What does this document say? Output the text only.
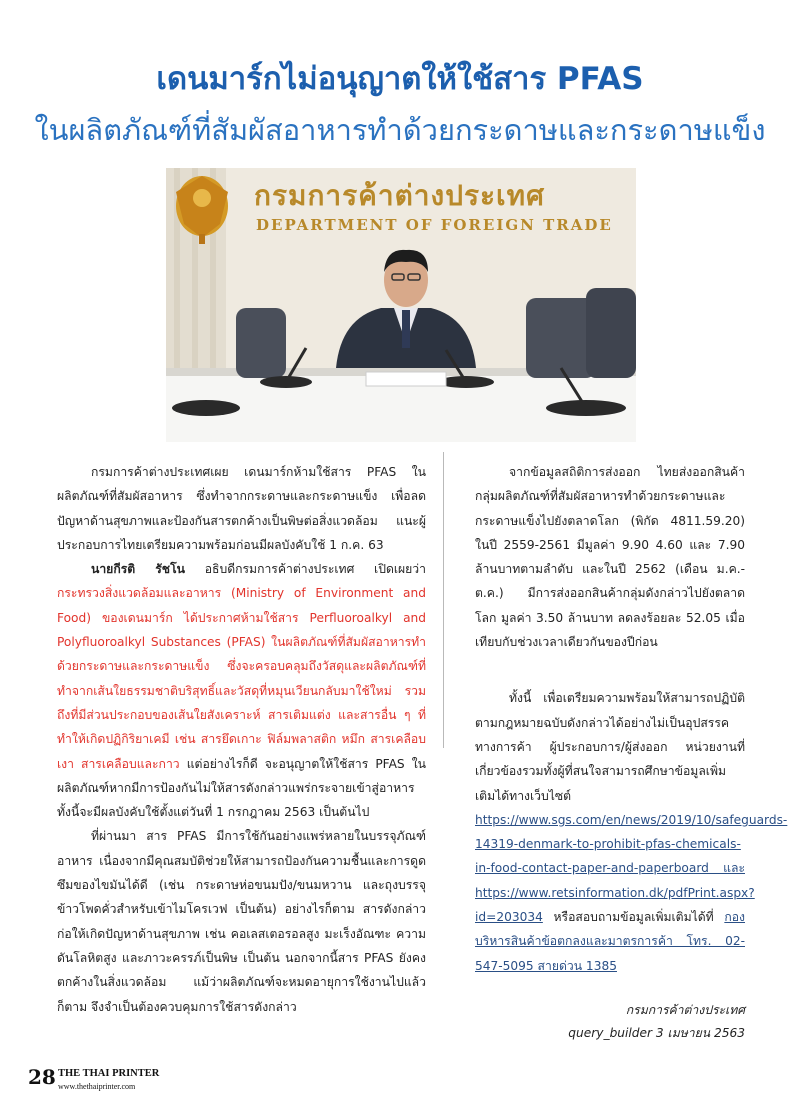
เดนมาร์กไม่อนุญาตให้ใช้สาร PFAS
ในผลิตภัณฑ์ที่สัมผัสอาหารทำด้วยกระดาษและกระดาษแข็ง
กรมการค้าต่างประเทศ
DEPARTMENT OF FOREIGN TRADE

กรมการค้าต่างประเทศเผย เดนมาร์กห้ามใช้สาร PFAS ในผลิตภัณฑ์ที่สัมผัสอาหาร ซึ่งทำจากกระดาษและกระดาษแข็ง เพื่อลดปัญหาด้านสุขภาพและป้องกันสารตกค้างเป็นพิษต่อสิ่งแวดล้อม แนะผู้ประกอบการไทยเตรียมความพร้อมก่อนมีผลบังคับใช้ 1 ก.ค. 63

นายกีรติ รัชโน อธิบดีกรมการค้าต่างประเทศ เปิดเผยว่า กระทรวงสิ่งแวดล้อมและอาหาร (Ministry of Environment and Food) ของเดนมาร์ก ได้ประกาศห้ามใช้สาร Perfluoroalkyl and Polyfluoroalkyl Substances (PFAS) ในผลิตภัณฑ์ที่สัมผัสอาหารทำด้วยกระดาษและกระดาษแข็ง ซึ่งจะครอบคลุมถึงวัสดุและผลิตภัณฑ์ที่ทำจากเส้นใยธรรมชาติบริสุทธิ์และวัสดุที่หมุนเวียนกลับมาใช้ใหม่ รวมถึงที่มีส่วนประกอบของเส้นใยสังเคราะห์ สารเติมแต่ง และสารอื่น ๆ ที่ทำให้เกิดปฏิกิริยาเคมี เช่น สารยึดเกาะ ฟิล์มพลาสติก หมึก สารเคลือบเงา สารเคลือบและกาว แต่อย่างไรก็ดี จะอนุญาตให้ใช้สาร PFAS ในผลิตภัณฑ์หากมีการป้องกันไม่ให้สารดังกล่าวแพร่กระจายเข้าสู่อาหาร ทั้งนี้จะมีผลบังคับใช้ตั้งแต่วันที่ 1 กรกฎาคม 2563 เป็นต้นไป

ที่ผ่านมา สาร PFAS มีการใช้กันอย่างแพร่หลายในบรรจุภัณฑ์อาหาร เนื่องจากมีคุณสมบัติช่วยให้สามารถป้องกันความชื้นและการดูดซึมของไขมันได้ดี (เช่น กระดาษห่อขนมปัง/ขนมหวาน และถุงบรรจุข้าวโพดคั่วสำหรับเข้าไมโครเวฟ เป็นต้น) อย่างไรก็ตาม สารดังกล่าวก่อให้เกิดปัญหาด้านสุขภาพ เช่น คอเลสเตอรอลสูง มะเร็งอัณฑะ ความดันโลหิตสูง และภาวะครรภ์เป็นพิษ เป็นต้น นอกจากนี้สาร PFAS ยังคงตกค้างในสิ่งแวดล้อม แม้ว่าผลิตภัณฑ์จะหมดอายุการใช้งานไปแล้วก็ตาม จึงจำเป็นต้องควบคุมการใช้สารดังกล่าว

จากข้อมูลสถิติการส่งออก ไทยส่งออกสินค้ากลุ่มผลิตภัณฑ์ที่สัมผัสอาหารทำด้วยกระดาษและกระดาษแข็งไปยังตลาดโลก (พิกัด 4811.59.20) ในปี 2559-2561 มีมูลค่า 9.90 4.60 และ 7.90 ล้านบาทตามลำดับ และในปี 2562 (เดือน ม.ค.-ต.ค.) มีการส่งออกสินค้ากลุ่มดังกล่าวไปยังตลาดโลก มูลค่า 3.50 ล้านบาท ลดลงร้อยละ 52.05 เมื่อเทียบกับช่วงเวลาเดียวกันของปีก่อน

ทั้งนี้ เพื่อเตรียมความพร้อมให้สามารถปฏิบัติตามกฎหมายฉบับดังกล่าวได้อย่างไม่เป็นอุปสรรคทางการค้า ผู้ประกอบการ/ผู้ส่งออก หน่วยงานที่เกี่ยวข้องรวมทั้งผู้ที่สนใจสามารถศึกษาข้อมูลเพิ่มเติมได้ทางเว็บไซต์ https://www.sgs.com/en/news/2019/10/safeguards-14319-denmark-to-prohibit-pfas-chemicals-in-food-contact-paper-and-paperboard และ https://www.retsinformation.dk/pdfPrint.aspx?id=203034 หรือสอบถามข้อมูลเพิ่มเติมได้ที่ กองบริหารสินค้าข้อตกลงและมาตรการค้า โทร. 02-547-5095 สายด่วน 1385

กรมการค้าต่างประเทศ
query_builder 3 เมษายน 2563
28 THE THAI PRINTER
www.thethaiprinter.com
